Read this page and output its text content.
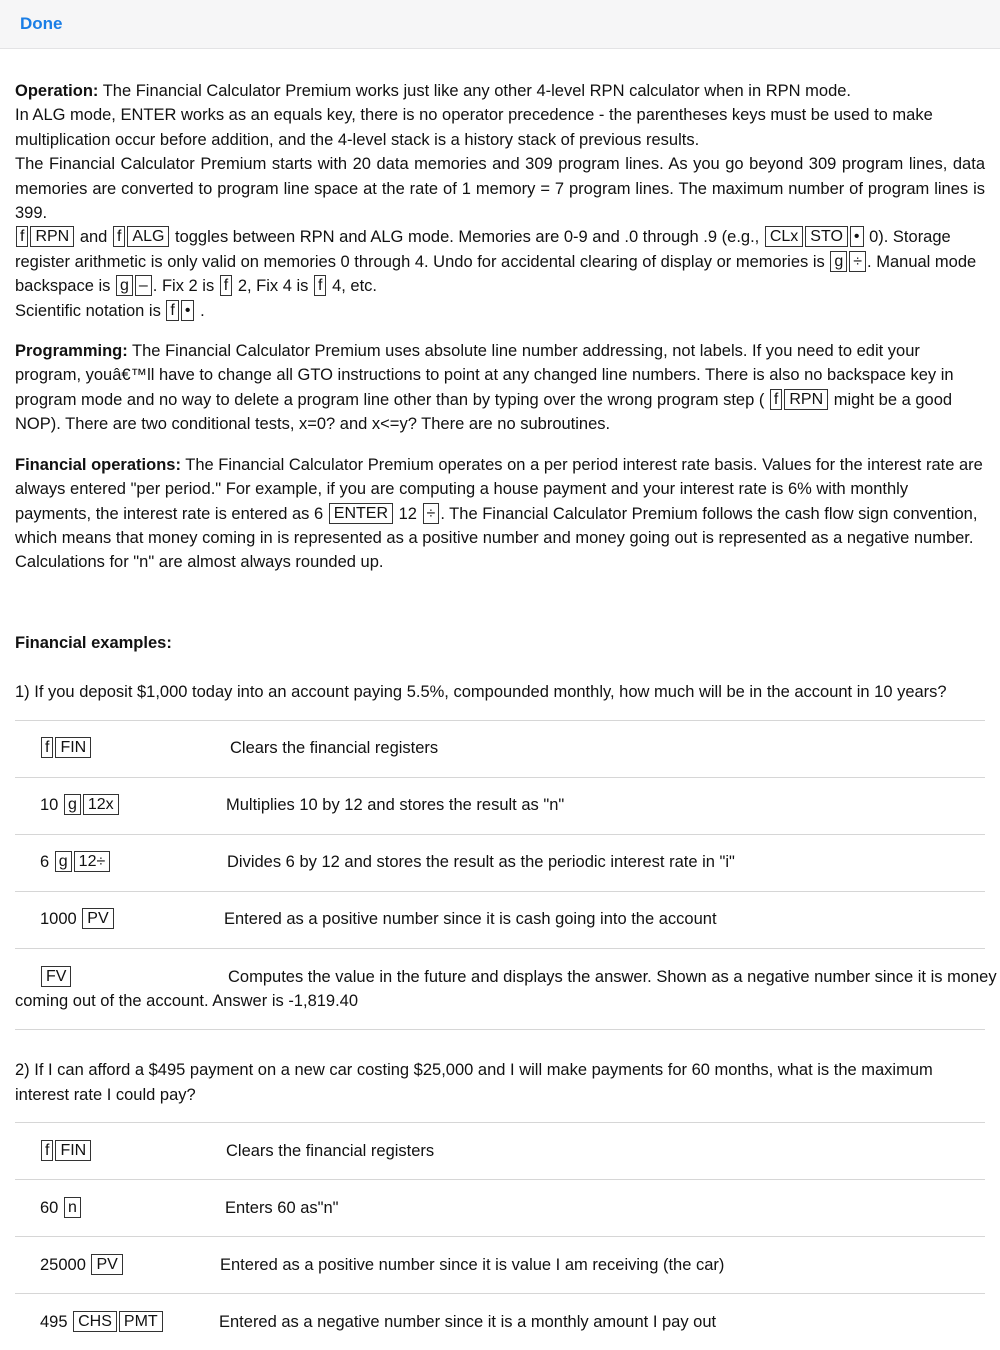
Done

Operation: The Financial Calculator Premium works just like any other 4-level RPN calculator when in RPN mode.

In ALG mode, ENTER works as an equals key, there is no operator precedence - the parentheses keys must be used to make multiplication occur before addition, and the 4-level stack is a history stack of previous results.

The Financial Calculator Premium starts with 20 data memories and 309 program lines. As you go beyond 309 program lines, data memories are converted to program line space at the rate of 1 memory = 7 program lines. The maximum number of program lines is 399.

f RPN and f ALG toggles between RPN and ALG mode. Memories are 0-9 and .0 through .9 (e.g., CLx STO • 0). Storage register arithmetic is only valid on memories 0 through 4. Undo for accidental clearing of display or memories is g ÷ . Manual mode backspace is g – . Fix 2 is f 2, Fix 4 is f 4, etc.

Scientific notation is f • .

Programming: The Financial Calculator Premium uses absolute line number addressing, not labels. If you need to edit your program, youâ€™ll have to change all GTO instructions to point at any changed line numbers. There is also no backspace key in program mode and no way to delete a program line other than by typing over the wrong program step ( f RPN might be a good NOP). There are two conditional tests, x=0? and x<=y? There are no subroutines.

Financial operations: The Financial Calculator Premium operates on a per period interest rate basis. Values for the interest rate are always entered "per period." For example, if you are computing a house payment and your interest rate is 6% with monthly payments, the interest rate is entered as 6 ENTER 12 ÷ . The Financial Calculator Premium follows the cash flow sign convention, which means that money coming in is represented as a positive number and money going out is represented as a negative number. Calculations for "n" are almost always rounded up.

Financial examples:

1) If you deposit $1,000 today into an account paying 5.5%, compounded monthly, how much will be in the account in 10 years?

f FIN	Clears the financial registers
10 g 12x	Multiplies 10 by 12 and stores the result as "n"
6 g 12÷	Divides 6 by 12 and stores the result as the periodic interest rate in "i"
1000 PV	Entered as a positive number since it is cash going into the account
FV	Computes the value in the future and displays the answer. Shown as a negative number since it is money
coming out of the account. Answer is -1,819.40

2) If I can afford a $495 payment on a new car costing $25,000 and I will make payments for 60 months, what is the maximum interest rate I could pay?

f FIN	Clears the financial registers
60 n	Enters 60 as"n"
25000 PV	Entered as a positive number since it is value I am receiving (the car)
495 CHS PMT	Entered as a negative number since it is a monthly amount I pay out
